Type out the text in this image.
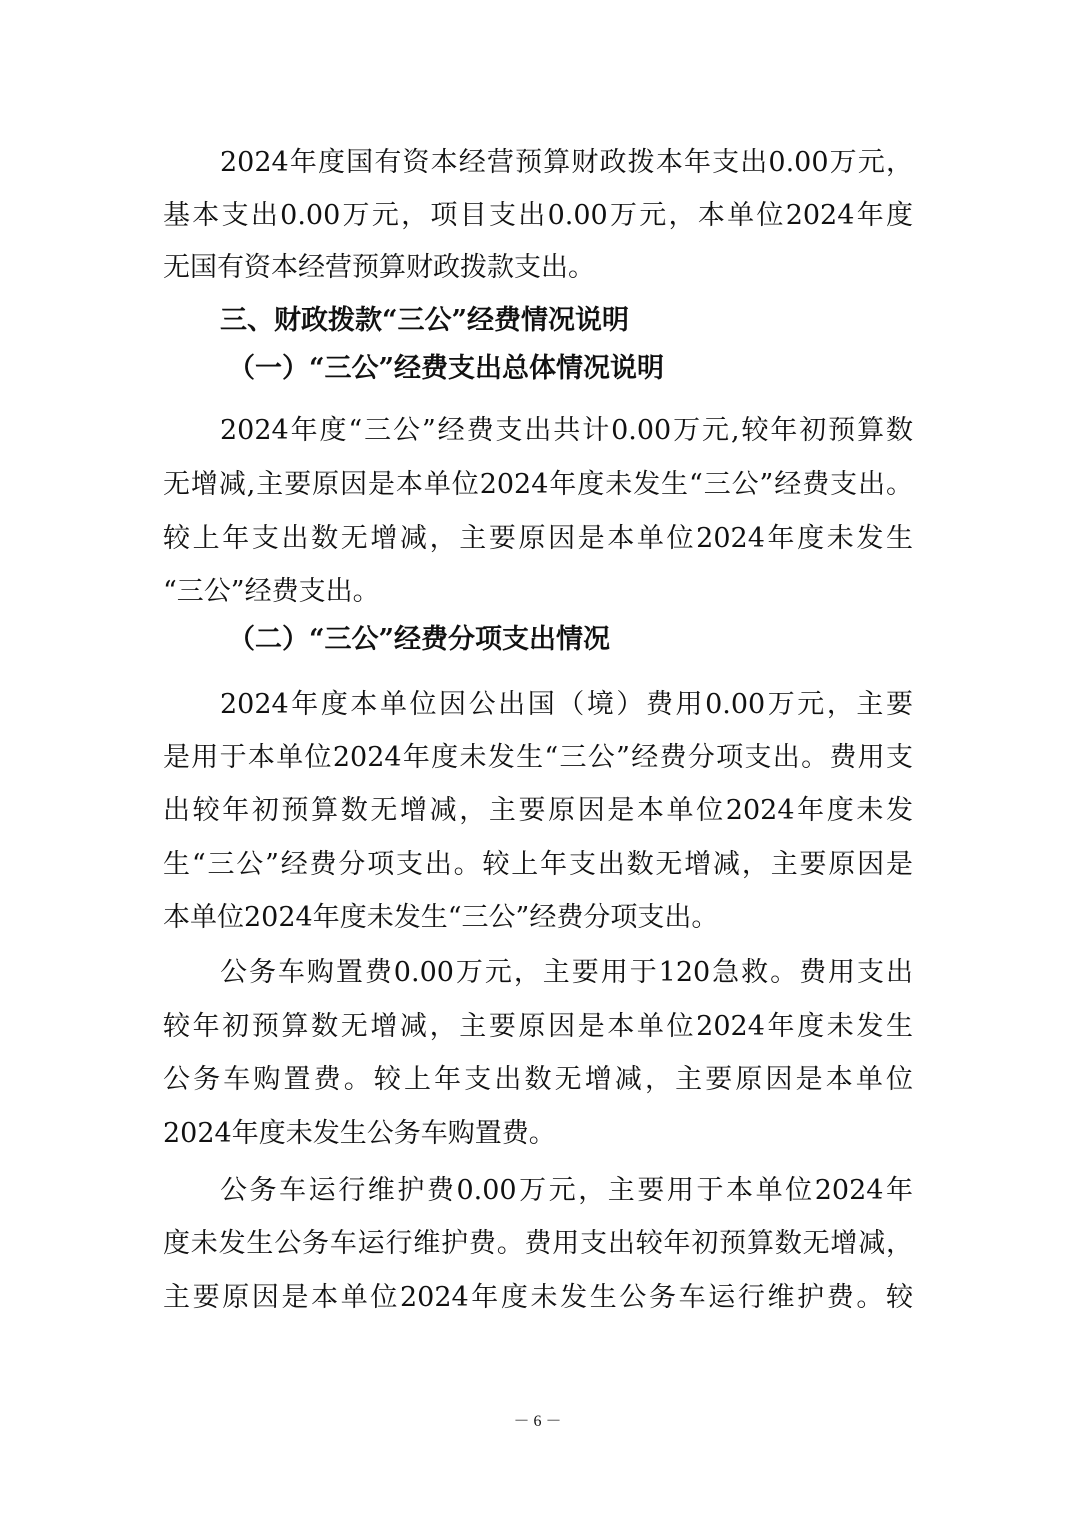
2024年度国有资本经营预算财政拨本年支出0.00万元，
基本支出0.00万元，项目支出0.00万元，本单位2024年度
无国有资本经营预算财政拨款支出。
三、财政拨款“三公”经费情况说明
（一）“三公”经费支出总体情况说明
2024年度“三公”经费支出共计0.00万元,较年初预算数
无增减,主要原因是本单位2024年度未发生“三公”经费支出。
较上年支出数无增减，主要原因是本单位2024年度未发生
“三公”经费支出。
（二）“三公”经费分项支出情况
2024年度本单位因公出国（境）费用0.00万元，主要
是用于本单位2024年度未发生“三公”经费分项支出。费用支
出较年初预算数无增减，主要原因是本单位2024年度未发
生“三公”经费分项支出。较上年支出数无增减，主要原因是
本单位2024年度未发生“三公”经费分项支出。
公务车购置费0.00万元，主要用于120急救。费用支出
较年初预算数无增减，主要原因是本单位2024年度未发生
公务车购置费。较上年支出数无增减，主要原因是本单位
2024年度未发生公务车购置费。
公务车运行维护费0.00万元，主要用于本单位2024年
度未发生公务车运行维护费。费用支出较年初预算数无增减，
主要原因是本单位2024年度未发生公务车运行维护费。较
－ 6 －
